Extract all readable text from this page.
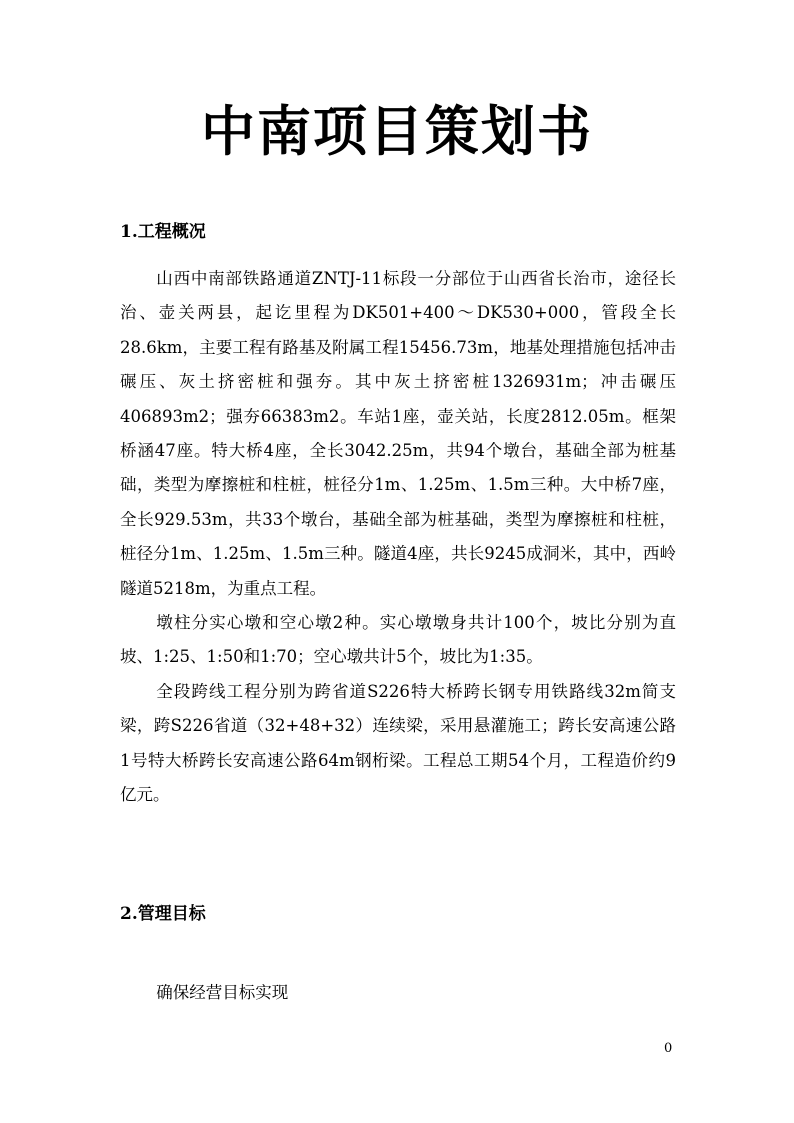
中南项目策划书
1.工程概况

山西中南部铁路通道ZNTJ-11标段一分部位于山西省长治市，途径长治、壶关两县，起讫里程为DK501+400～DK530+000，管段全长28.6km，主要工程有路基及附属工程15456.73m，地基处理措施包括冲击碾压、灰土挤密桩和强夯。其中灰土挤密桩1326931m；冲击碾压406893m2；强夯66383m2。车站1座，壶关站，长度2812.05m。框架桥涵47座。特大桥4座，全长3042.25m，共94个墩台，基础全部为桩基础，类型为摩擦桩和柱桩，桩径分1m、1.25m、1.5m三种。大中桥7座，全长929.53m，共33个墩台，基础全部为桩基础，类型为摩擦桩和柱桩，桩径分1m、1.25m、1.5m三种。隧道4座，共长9245成洞米，其中，西岭隧道5218m，为重点工程。

墩柱分实心墩和空心墩2种。实心墩墩身共计100个，坡比分别为直坡、1:25、1:50和1:70；空心墩共计5个，坡比为1:35。

全段跨线工程分别为跨省道S226特大桥跨长钢专用铁路线32m简支梁，跨S226省道（32+48+32）连续梁，采用悬灌施工；跨长安高速公路1号特大桥跨长安高速公路64m钢桁梁。工程总工期54个月，工程造价约9亿元。

2.管理目标

确保经营目标实现

0
